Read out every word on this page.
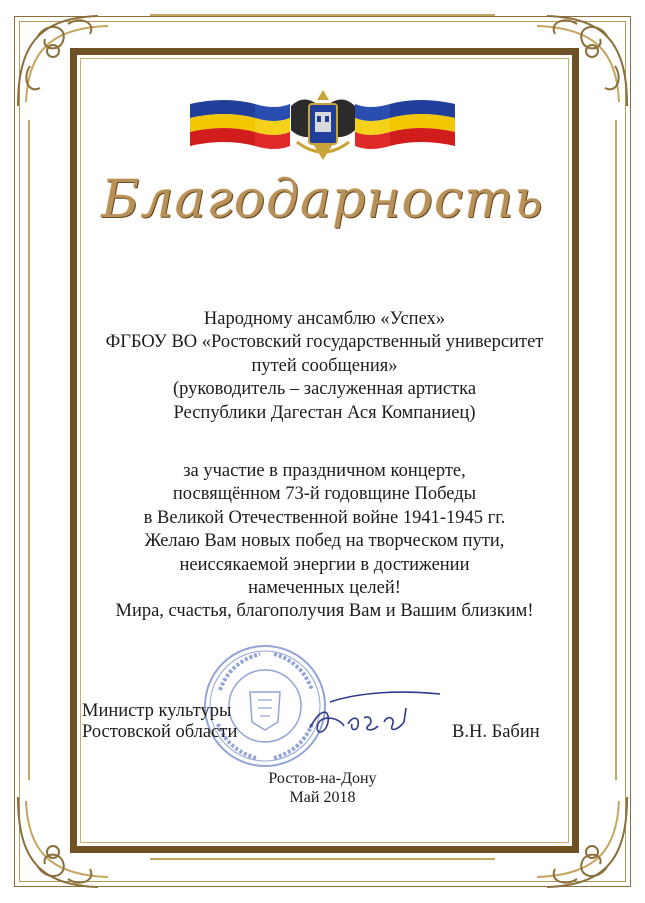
Благодарность
Народному ансамблю «Успех»
ФГБОУ ВО «Ростовский государственный университет
путей сообщения»
(руководитель – заслуженная артистка
Республики Дагестан Ася Компаниец)
за участие в праздничном концерте,
посвящённом 73-й годовщине Победы
в Великой Отечественной войне 1941-1945 гг.
Желаю Вам новых побед на творческом пути,
неиссякаемой энергии в достижении
намеченных целей!
Мира, счастья, благополучия Вам и Вашим близким!
Министр культуры
Ростовской области	В.Н. Бабин
Ростов-на-Дону
Май 2018
